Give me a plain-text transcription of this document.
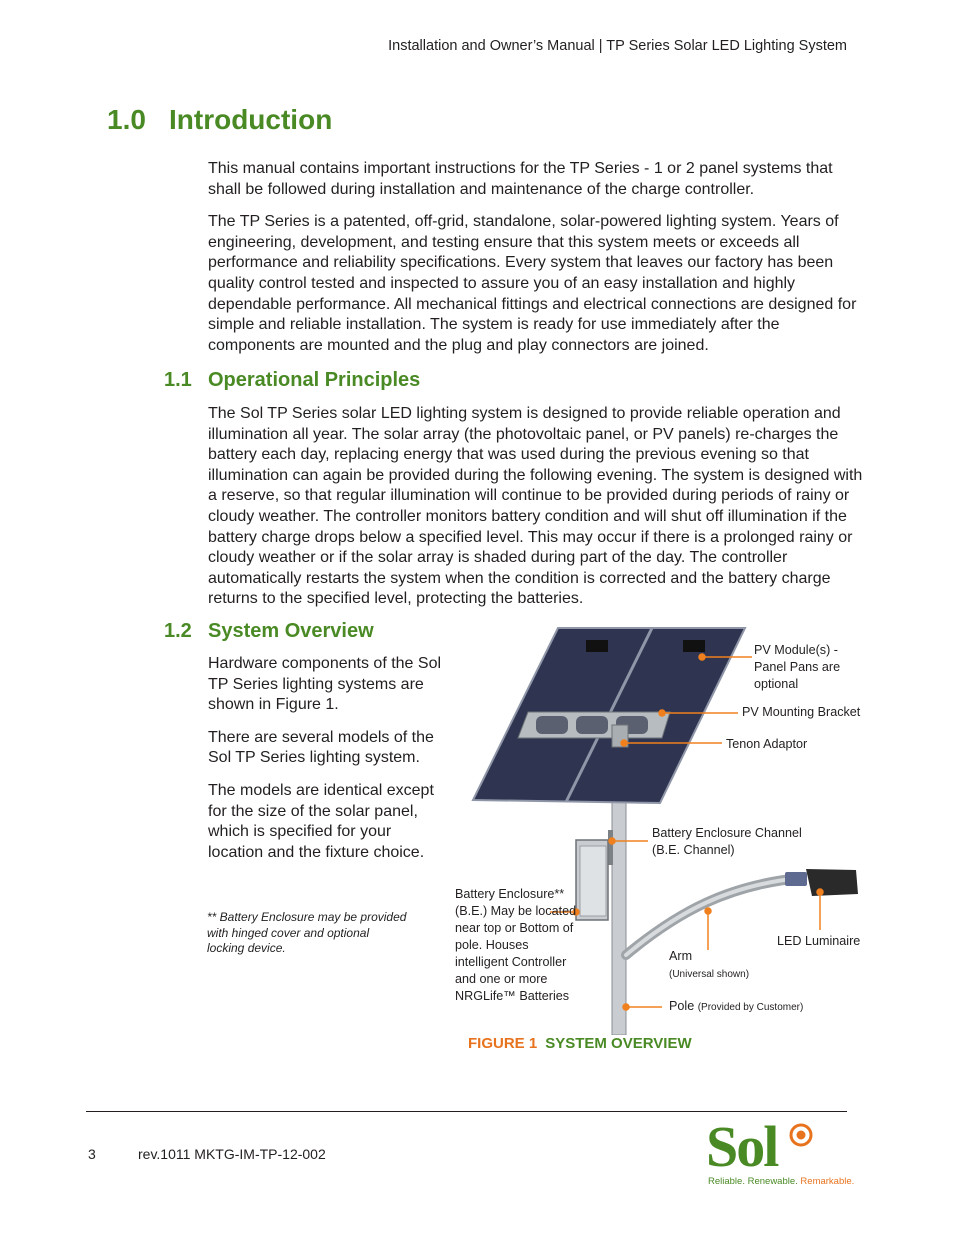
Installation and Owner’s Manual | TP Series Solar LED Lighting System
1.0 Introduction

This manual contains important instructions for the TP Series - 1 or 2 panel systems that shall be followed during installation and maintenance of the charge controller.

The TP Series is a patented, off-grid, standalone, solar-powered lighting system. Years of engineering, development, and testing ensure that this system meets or exceeds all performance and reliability specifications. Every system that leaves our factory has been quality control tested and inspected to assure you of an easy installation and highly dependable performance. All mechanical fittings and electrical connections are designed for simple and reliable installation. The system is ready for use immediately after the components are mounted and the plug and play connectors are joined.

1.1 Operational Principles

The Sol TP Series solar LED lighting system is designed to provide reliable operation and illumination all year. The solar array (the photovoltaic panel, or PV panels) re-charges the battery each day, replacing energy that was used during the previous evening so that illumination can again be provided during the following evening. The system is designed with a reserve, so that regular illumination will continue to be provided during periods of rainy or cloudy weather. The controller monitors battery condition and will shut off illumination if the battery charge drops below a specified level. This may occur if there is a prolonged rainy or cloudy weather or if the solar array is shaded during part of the day. The controller automatically restarts the system when the condition is corrected and the battery charge returns to the specified level, protecting the batteries.

1.2 System Overview

Hardware components of the Sol TP Series lighting systems are shown in Figure 1.

There are several models of the Sol TP Series lighting system.

The models are identical except for the size of the solar panel, which is specified for your location and the fixture choice.

** Battery Enclosure may be provided with hinged cover and optional locking device.
PV Module(s) - Panel Pans are optional
PV Mounting Bracket
Tenon Adaptor
Battery Enclosure Channel (B.E. Channel)
Battery Enclosure** (B.E.) May be located near top or Bottom of pole. Houses intelligent Controller and one or more NRGLife™ Batteries
Arm
(Universal shown)
LED Luminaire
Pole (Provided by Customer)
FIGURE 1 SYSTEM OVERVIEW
3	rev.1011 MKTG-IM-TP-12-002	Sol
Reliable. Renewable. Remarkable.
